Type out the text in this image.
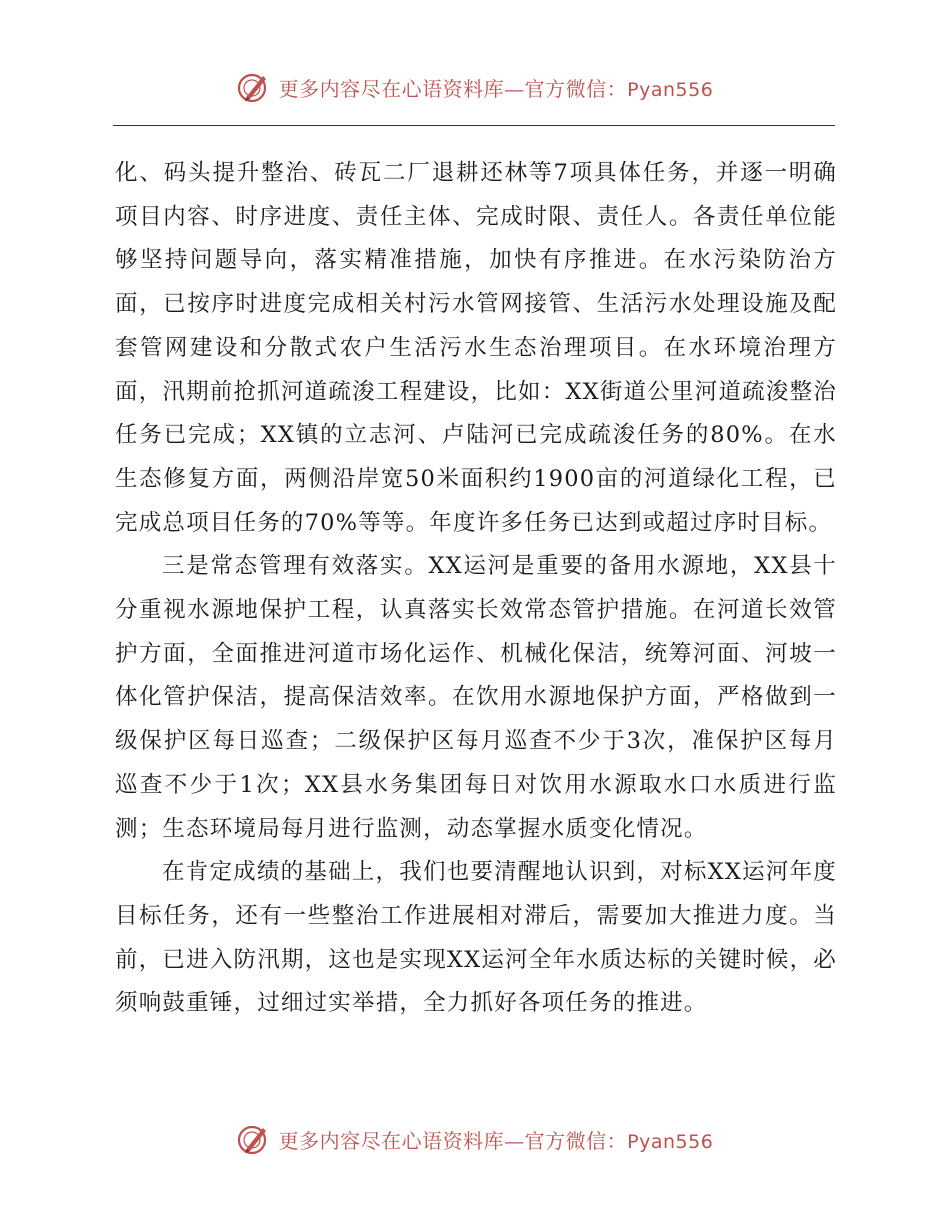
更多内容尽在心语资料库—官方微信：Pyan556

化、码头提升整治、砖瓦二厂退耕还林等7项具体任务，并逐一明确项目内容、时序进度、责任主体、完成时限、责任人。各责任单位能够坚持问题导向，落实精准措施，加快有序推进。在水污染防治方面，已按序时进度完成相关村污水管网接管、生活污水处理设施及配套管网建设和分散式农户生活污水生态治理项目。在水环境治理方面，汛期前抢抓河道疏浚工程建设，比如：XX街道公里河道疏浚整治任务已完成；XX镇的立志河、卢陆河已完成疏浚任务的80%。在水生态修复方面，两侧沿岸宽50米面积约1900亩的河道绿化工程，已完成总项目任务的70%等等。年度许多任务已达到或超过序时目标。

三是常态管理有效落实。XX运河是重要的备用水源地，XX县十分重视水源地保护工程，认真落实长效常态管护措施。在河道长效管护方面，全面推进河道市场化运作、机械化保洁，统筹河面、河坡一体化管护保洁，提高保洁效率。在饮用水源地保护方面，严格做到一级保护区每日巡查；二级保护区每月巡查不少于3次，准保护区每月巡查不少于1次；XX县水务集团每日对饮用水源取水口水质进行监测；生态环境局每月进行监测，动态掌握水质变化情况。

在肯定成绩的基础上，我们也要清醒地认识到，对标XX运河年度目标任务，还有一些整治工作进展相对滞后，需要加大推进力度。当前，已进入防汛期，这也是实现XX运河全年水质达标的关键时候，必须响鼓重锤，过细过实举措，全力抓好各项任务的推进。

更多内容尽在心语资料库—官方微信：Pyan556
